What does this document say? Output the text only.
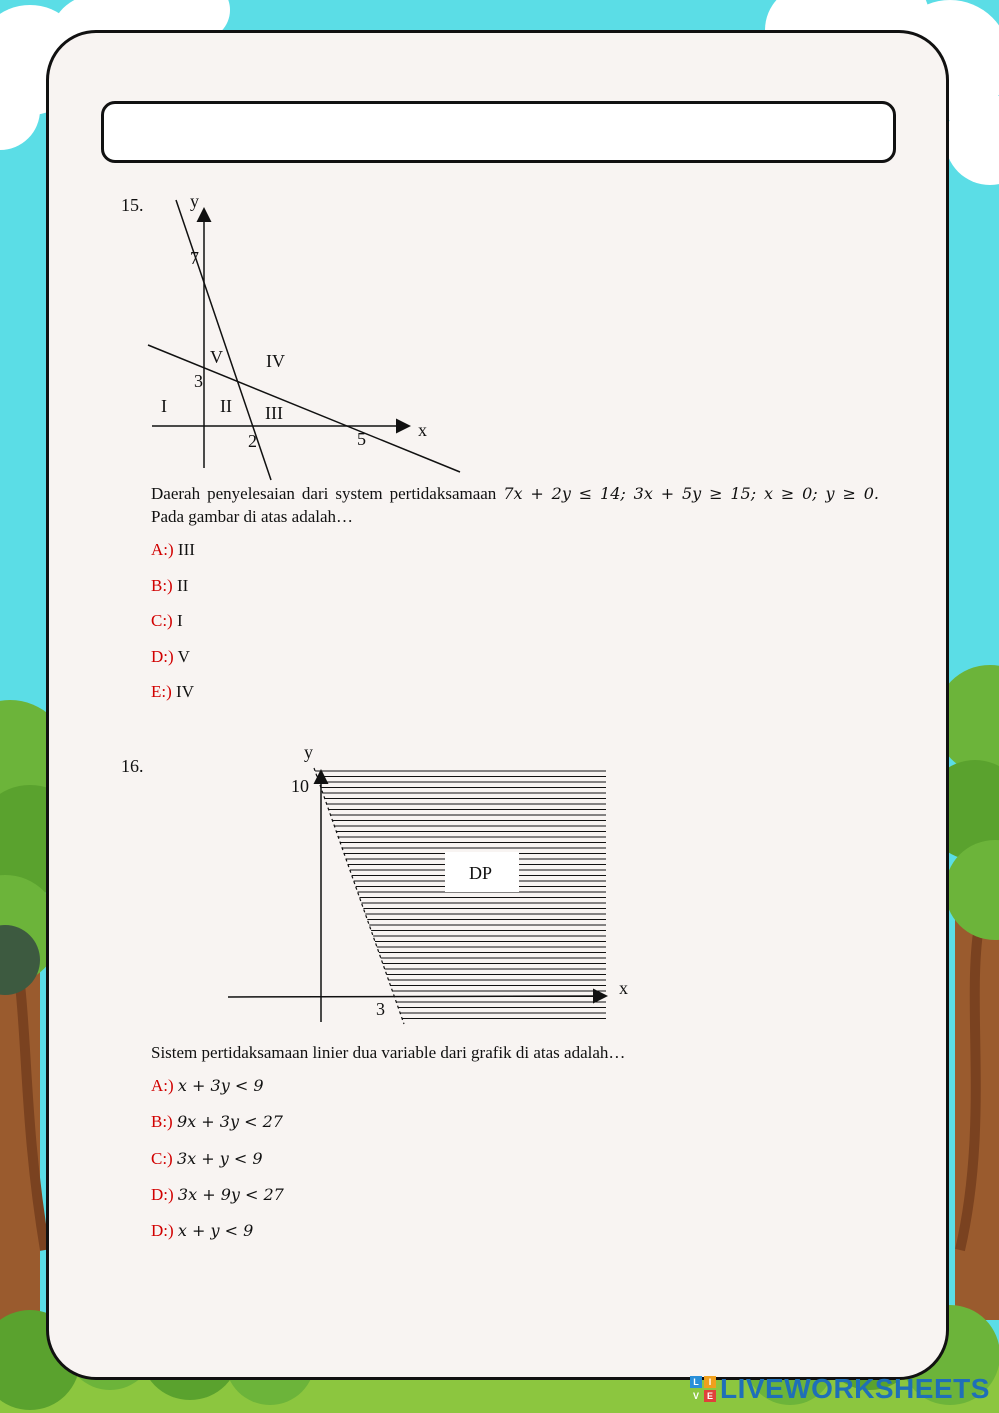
15.	y
x
7
3
2	5
I	II III
IV
V
Daerah penyelesaian dari system pertidaksamaan 7x + 2y ≤ 14; 3x + 5y ≥ 15; x ≥ 0; y ≥ 0.
Pada gambar di atas adalah…
A:) III
B:) II
C:) I
D:) V
E:) IV
16.
DP
y
x
10
3
Sistem pertidaksamaan linier dua variable dari grafik di atas adalah…
A:) x + 3y < 9
B:) 9x + 3y < 27
C:) 3x + y < 9
D:) 3x + 9y < 27
D:) x + y < 9
L	I
V E LIVEWORKSHEETS
